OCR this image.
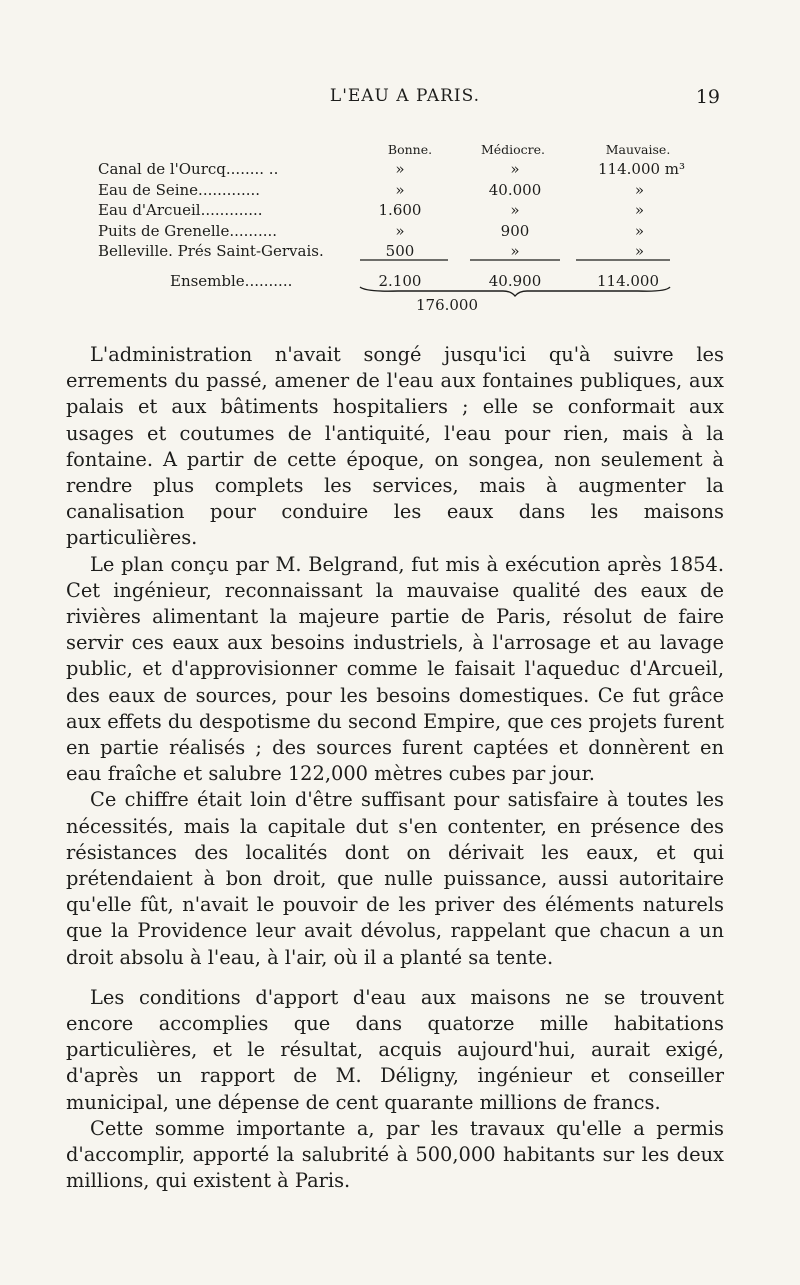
L'EAU A PARIS.	19
Bonne.	Médiocre.	Mauvaise.
Canal de l'Ourcq........ ..	»	»	114.000 m³
Eau de Seine.............	»	40.000	»
Eau d'Arcueil.............	1.600	»	»
Puits de Grenelle..........	»	900	»
Belleville. Prés Saint-Gervais.	500	»	»
Ensemble..........	2.100	40.900	114.000
176.000

L'administration n'avait songé jusqu'ici qu'à suivre les errements du passé, amener de l'eau aux fontaines publiques, aux palais et aux bâtiments hospitaliers ; elle se conformait aux usages et coutumes de l'antiquité, l'eau pour rien, mais à la fontaine. A partir de cette époque, on songea, non seulement à rendre plus complets les services, mais à augmenter la canalisation pour conduire les eaux dans les maisons particulières.

Le plan conçu par M. Belgrand, fut mis à exécution après 1854. Cet ingénieur, reconnaissant la mauvaise qualité des eaux de rivières alimentant la majeure partie de Paris, résolut de faire servir ces eaux aux besoins industriels, à l'arrosage et au lavage public, et d'approvisionner comme le faisait l'aqueduc d'Arcueil, des eaux de sources, pour les besoins domestiques. Ce fut grâce aux effets du despotisme du second Empire, que ces projets furent en partie réalisés ; des sources furent captées et donnèrent en eau fraîche et salubre 122,000 mètres cubes par jour.

Ce chiffre était loin d'être suffisant pour satisfaire à toutes les nécessités, mais la capitale dut s'en contenter, en présence des résistances des localités dont on dérivait les eaux, et qui prétendaient à bon droit, que nulle puissance, aussi autoritaire qu'elle fût, n'avait le pouvoir de les priver des éléments naturels que la Providence leur avait dévolus, rappelant que chacun a un droit absolu à l'eau, à l'air, où il a planté sa tente.

Les conditions d'apport d'eau aux maisons ne se trouvent encore accomplies que dans quatorze mille habitations particulières, et le résultat, acquis aujourd'hui, aurait exigé, d'après un rapport de M. Déligny, ingénieur et conseiller municipal, une dépense de cent quarante millions de francs.

Cette somme importante a, par les travaux qu'elle a permis d'accomplir, apporté la salubrité à 500,000 habitants sur les deux millions, qui existent à Paris.
